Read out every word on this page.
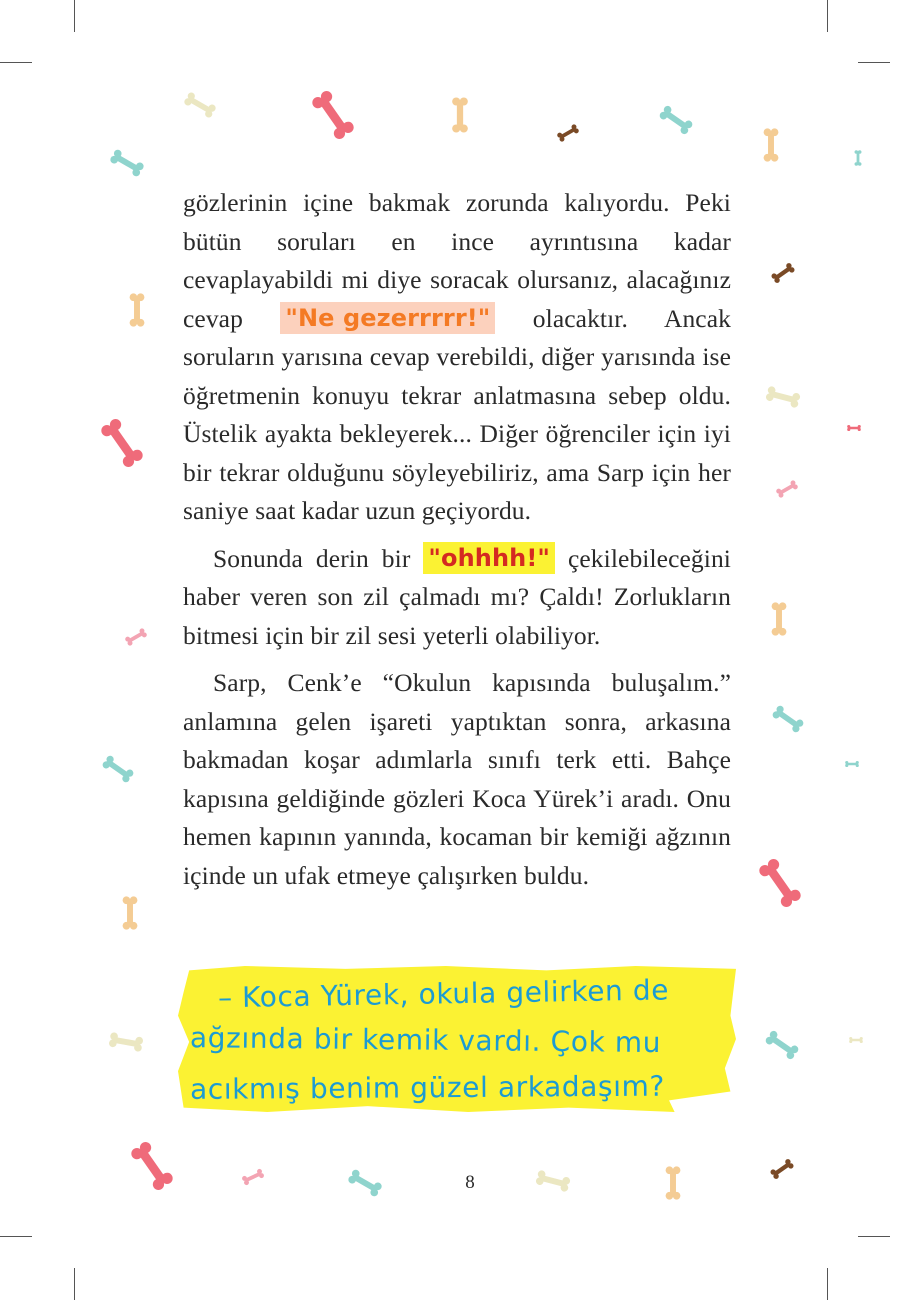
gözlerinin içine bakmak zorunda kalıyordu. Peki bütün soruları en ince ayrıntısına kadar cevaplayabildi mi diye soracak olursanız, alacağınız cevap "Ne gezerrrrr!" olacaktır. Ancak soruların yarısına cevap verebildi, diğer yarısında ise öğretmenin konuyu tekrar anlatmasına sebep oldu. Üstelik ayakta bekleyerek... Diğer öğrenciler için iyi bir tekrar olduğunu söyleyebiliriz, ama Sarp için her saniye saat kadar uzun geçiyordu.

Sonunda derin bir "ohhhh!" çekilebileceğini haber veren son zil çalmadı mı? Çaldı! Zorlukların bitmesi için bir zil sesi yeterli olabiliyor.

Sarp, Cenk’e “Okulun kapısında buluşalım.” anlamına gelen işareti yaptıktan sonra, arkasına bakmadan koşar adımlarla sınıfı terk etti. Bahçe kapısına geldiğinde gözleri Koca Yürek’i aradı. Onu hemen kapının yanında, kocaman bir kemiği ağzının içinde un ufak etmeye çalışırken buldu.

– Koca Yürek, okula gelirken de
ağzında bir kemik vardı. Çok mu
acıkmış benim güzel arkadaşım?
8
